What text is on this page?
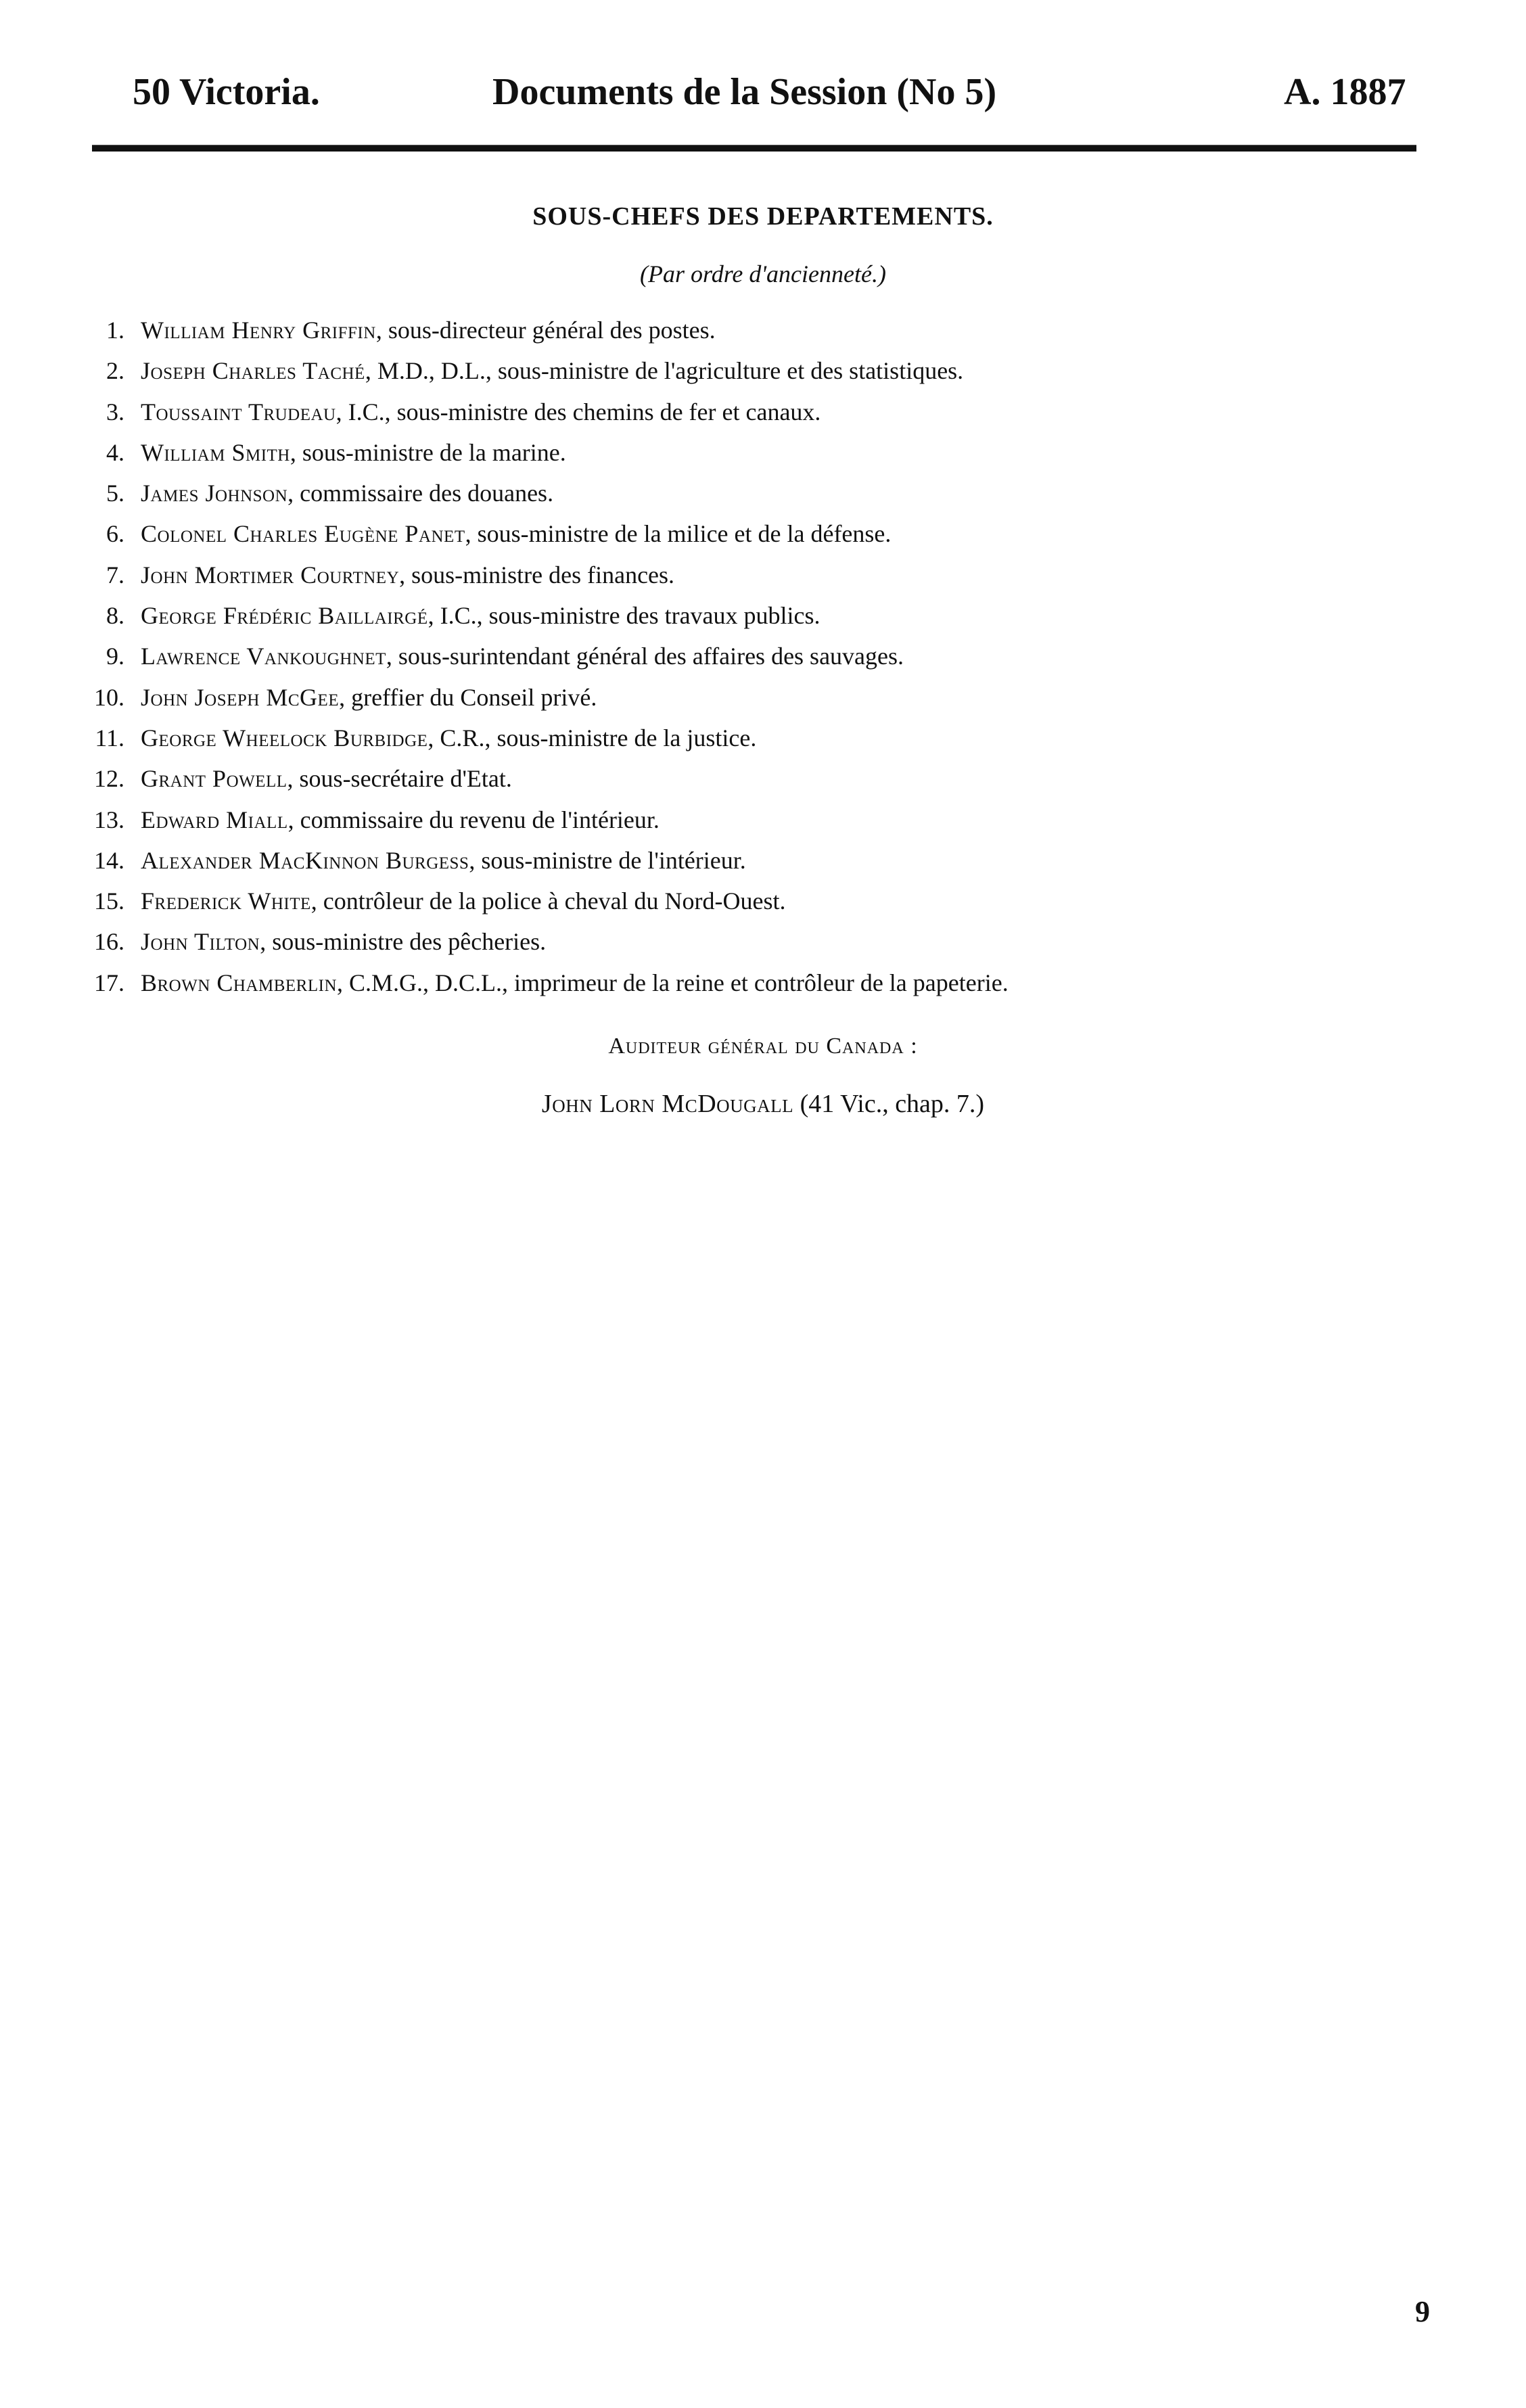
50 Victoria.	Documents de la Session (No 5)	A. 1887
SOUS-CHEFS DES DEPARTEMENTS.
(Par ordre d'ancienneté.)
1. William Henry Griffin, sous-directeur général des postes.
2. Joseph Charles Taché, M.D., D.L., sous-ministre de l'agriculture et des statistiques.
3. Toussaint Trudeau, I.C., sous-ministre des chemins de fer et canaux.
4. William Smith, sous-ministre de la marine.
5. James Johnson, commissaire des douanes.
6. Colonel Charles Eugène Panet, sous-ministre de la milice et de la défense.
7. John Mortimer Courtney, sous-ministre des finances.
8. George Frédéric Baillairgé, I.C., sous-ministre des travaux publics.
9. Lawrence Vankoughnet, sous-surintendant général des affaires des sauvages.
10. John Joseph McGee, greffier du Conseil privé.
11. George Wheelock Burbidge, C.R., sous-ministre de la justice.
12. Grant Powell, sous-secrétaire d'Etat.
13. Edward Miall, commissaire du revenu de l'intérieur.
14. Alexander MacKinnon Burgess, sous-ministre de l'intérieur.
15. Frederick White, contrôleur de la police à cheval du Nord-Ouest.
16. John Tilton, sous-ministre des pêcheries.
17. Brown Chamberlin, C.M.G., D.C.L., imprimeur de la reine et contrôleur de la papeterie.
Auditeur général du Canada :
John Lorn McDougall (41 Vic., chap. 7.)
9
